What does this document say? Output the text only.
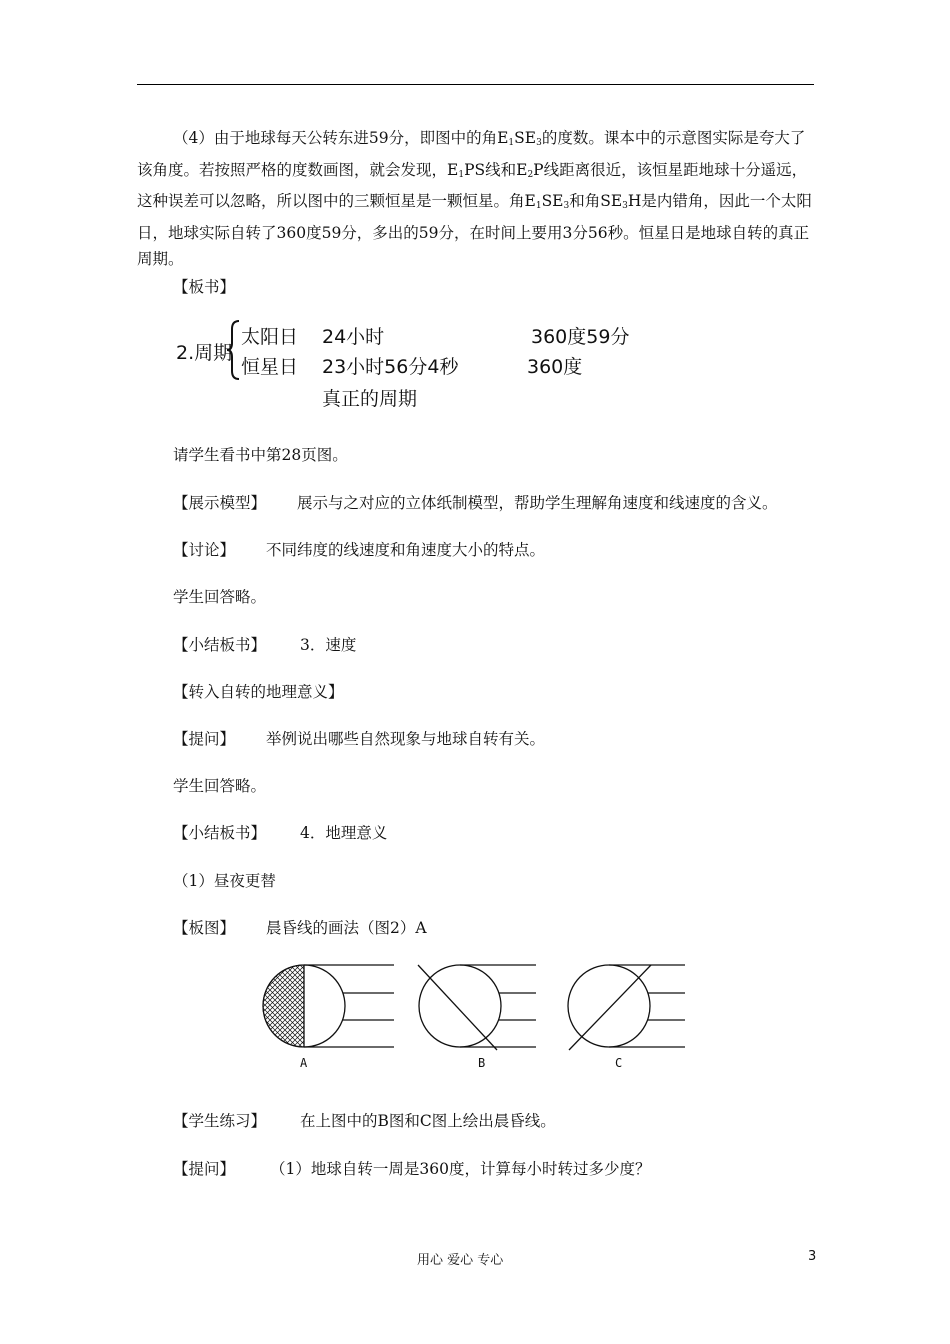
（4）由于地球每天公转东进59分，即图中的角$E_1SE_3$的度数。课本中的示意图实际是夸大了该角度。若按照严格的度数画图，就会发现，$E_1PS$线和$E_2P$线距离很近，该恒星距地球十分遥远，这种误差可以忽略，所以图中的三颗恒星是一颗恒星。角$E_1SE_3$和角$SE_3H$是内错角，因此一个太阳日，地球实际自转了360度59分，多出的59分，在时间上要用3分56秒。恒星日是地球自转的真正周期。
【板书】
2.周期
太阳日 24小时	360度59分
恒星日 23小时56分4秒	360度
真正的周期
请学生看书中第28页图。
【展示模型】 展示与之对应的立体纸制模型，帮助学生理解角速度和线速度的含义。
【讨论】 不同纬度的线速度和角速度大小的特点。
学生回答略。
【小结板书】 3．速度
【转入自转的地理意义】
【提问】 举例说出哪些自然现象与地球自转有关。
学生回答略。
【小结板书】 4．地理意义
（1）昼夜更替
【板图】 晨昏线的画法（图2）A
A	B	C
【学生练习】 在上图中的B图和C图上绘出晨昏线。
【提问】 （1）地球自转一周是360度，计算每小时转过多少度？
用心 爱心 专心	3
